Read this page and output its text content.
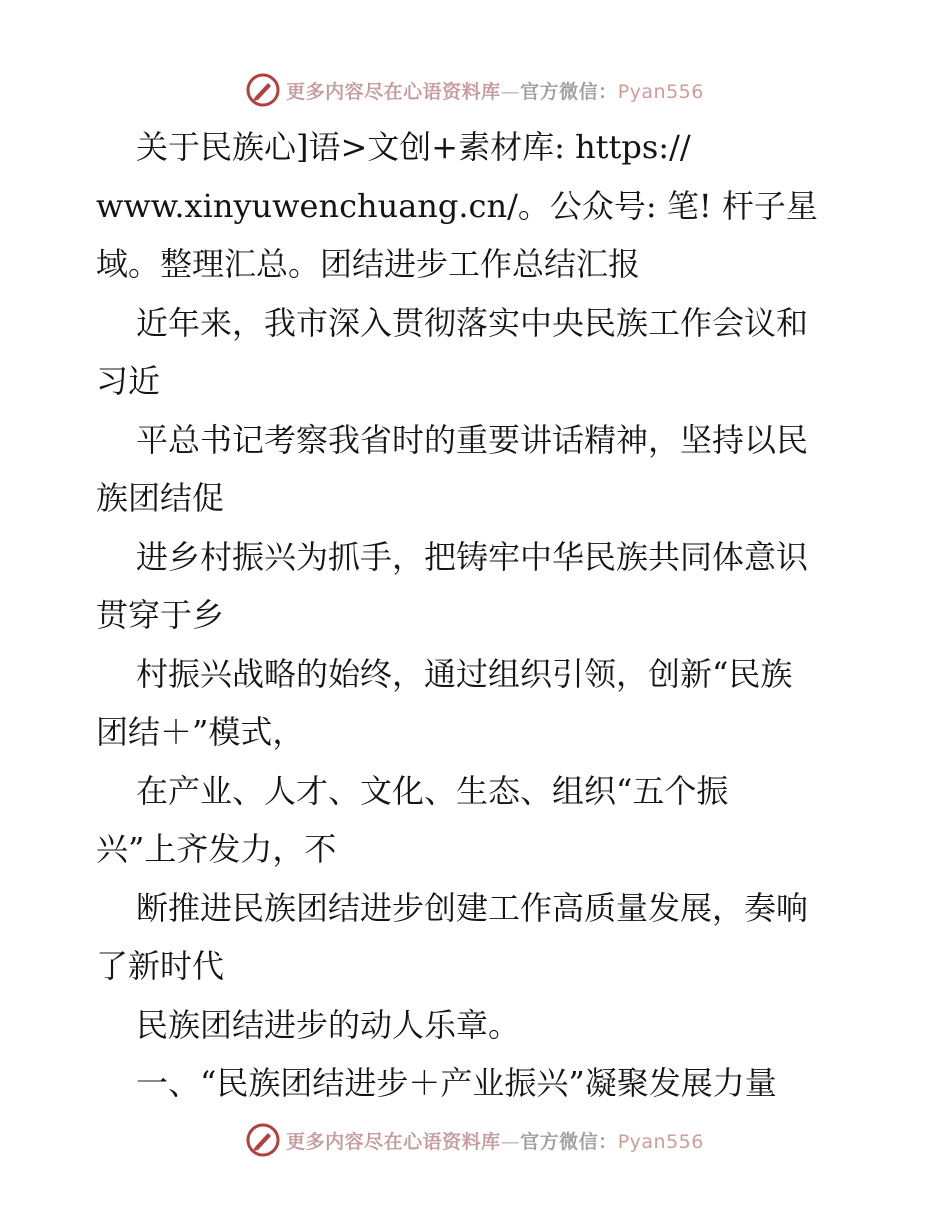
更多内容尽在心语资料库—官方微信：Pyan556
关于民族心]语>文创+素材库: https://
www.xinyuwenchuang.cn/。公众号: 笔! 杆子星
域。整理汇总。团结进步工作总结汇报
近年来，我市深入贯彻落实中央民族工作会议和
习近
平总书记考察我省时的重要讲话精神，坚持以民
族团结促
进乡村振兴为抓手，把铸牢中华民族共同体意识
贯穿于乡
村振兴战略的始终，通过组织引领，创新“民族
团结＋”模式，
在产业、人才、文化、生态、组织“五个振
兴”上齐发力，不
断推进民族团结进步创建工作高质量发展，奏响
了新时代
民族团结进步的动人乐章。
一、“民族团结进步＋产业振兴”凝聚发展力量
更多内容尽在心语资料库—官方微信：Pyan556
